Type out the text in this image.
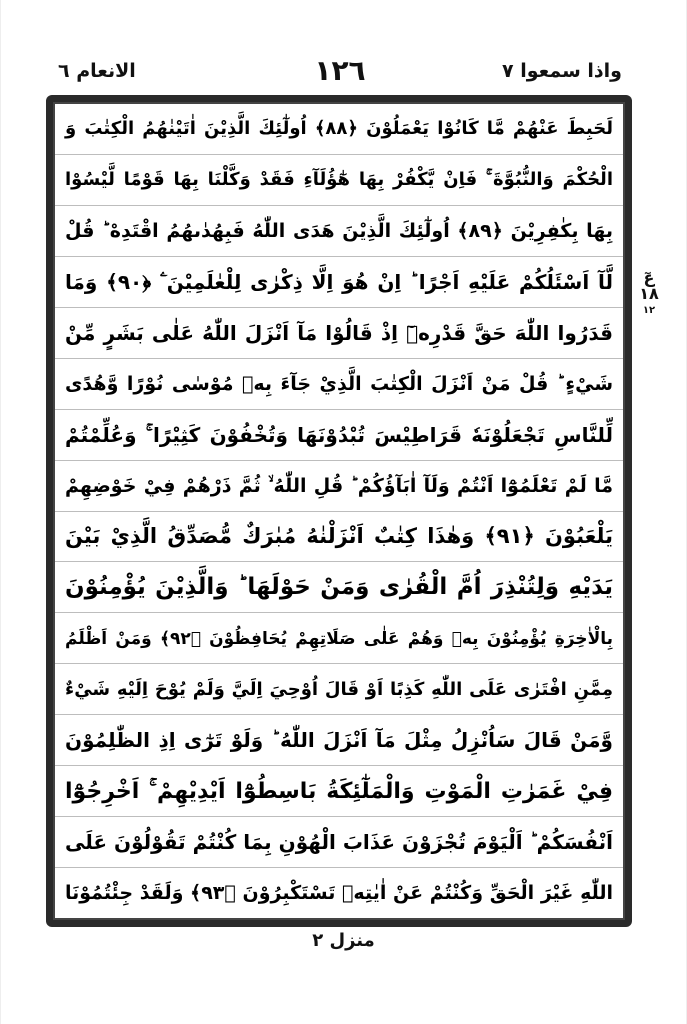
الانعام ٦	١٢٦	واذا سمعوا ٧
لَحَبِطَ عَنْهُمْ مَّا كَانُوْا يَعْمَلُوْنَ ﴿٨٨﴾ اُولٰٓئِكَ الَّذِيْنَ اٰتَيْنٰهُمُ الْكِتٰبَ وَ
الْحُكْمَ وَالنُّبُوَّةَ ۚ فَاِنْ يَّكْفُرْ بِهَا هٰٓؤُلَآءِ فَقَدْ وَكَّلْنَا بِهَا قَوْمًا لَّيْسُوْا
بِهَا بِكٰفِرِيْنَ ﴿٨٩﴾ اُولٰٓئِكَ الَّذِيْنَ هَدَى اللّٰهُ فَبِهُدٰىهُمُ اقْتَدِهْ ؕ قُلْ
لَّآ اَسْئَلُكُمْ عَلَيْهِ اَجْرًا ؕ اِنْ هُوَ اِلَّا ذِكْرٰى لِلْعٰلَمِيْنَ ۧ ﴿٩٠﴾ وَمَا
قَدَرُوا اللّٰهَ حَقَّ قَدْرِهٖٓ اِذْ قَالُوْا مَآ اَنْزَلَ اللّٰهُ عَلٰى بَشَرٍ مِّنْ
شَيْءٍ ؕ قُلْ مَنْ اَنْزَلَ الْكِتٰبَ الَّذِيْ جَآءَ بِهٖ مُوْسٰى نُوْرًا وَّهُدًى
لِّلنَّاسِ تَجْعَلُوْنَهٗ قَرَاطِيْسَ تُبْدُوْنَهَا وَتُخْفُوْنَ كَثِيْرًا ۚ وَعُلِّمْتُمْ
مَّا لَمْ تَعْلَمُوْٓا اَنْتُمْ وَلَآ اٰبَآؤُكُمْ ؕ قُلِ اللّٰهُ ۙ ثُمَّ ذَرْهُمْ فِيْ خَوْضِهِمْ
يَلْعَبُوْنَ ﴿٩١﴾ وَهٰذَا كِتٰبٌ اَنْزَلْنٰهُ مُبٰرَكٌ مُّصَدِّقُ الَّذِيْ بَيْنَ
يَدَيْهِ وَلِتُنْذِرَ اُمَّ الْقُرٰى وَمَنْ حَوْلَهَا ؕ وَالَّذِيْنَ يُؤْمِنُوْنَ
بِالْاٰخِرَةِ يُؤْمِنُوْنَ بِهٖ وَهُمْ عَلٰى صَلَاتِهِمْ يُحَافِظُوْنَ ﴿٩٢﴾ وَمَنْ اَظْلَمُ
مِمَّنِ افْتَرٰى عَلَى اللّٰهِ كَذِبًا اَوْ قَالَ اُوْحِيَ اِلَيَّ وَلَمْ يُوْحَ اِلَيْهِ شَيْءٌ
وَّمَنْ قَالَ سَاُنْزِلُ مِثْلَ مَآ اَنْزَلَ اللّٰهُ ؕ وَلَوْ تَرٰٓى اِذِ الظّٰلِمُوْنَ
فِيْ غَمَرٰتِ الْمَوْتِ وَالْمَلٰٓئِكَةُ بَاسِطُوْٓا اَيْدِيْهِمْ ۚ اَخْرِجُوْٓا
اَنْفُسَكُمْ ؕ اَلْيَوْمَ تُجْزَوْنَ عَذَابَ الْهُوْنِ بِمَا كُنْتُمْ تَقُوْلُوْنَ عَلَى
اللّٰهِ غَيْرَ الْحَقِّ وَكُنْتُمْ عَنْ اٰيٰتِهٖ تَسْتَكْبِرُوْنَ ﴿٩٣﴾ وَلَقَدْ جِئْتُمُوْنَا
عٓ ١٨
١٢
منزل ٢
